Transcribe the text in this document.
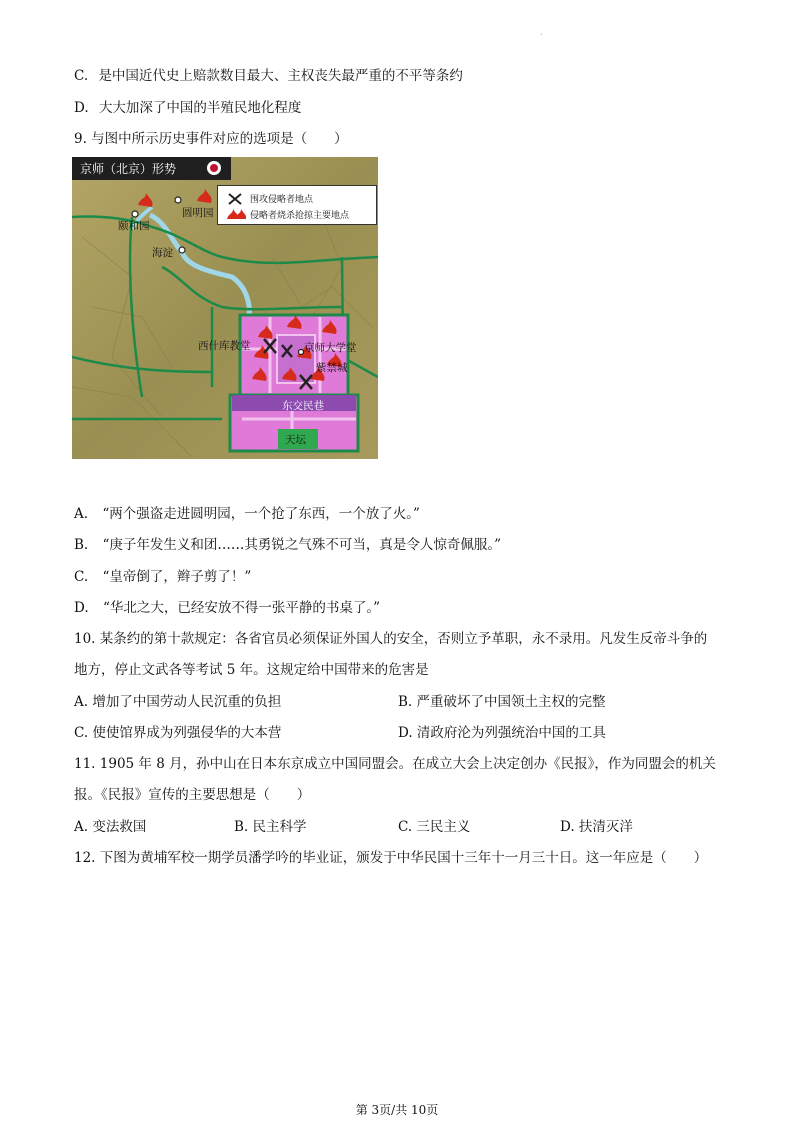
·
C. 是中国近代史上赔款数目最大、主权丧失最严重的不平等条约
D. 大大加深了中国的半殖民地化程度
9. 与图中所示历史事件对应的选项是（　　）
京师（北京）形势
围攻侵略者地点
侵略者烧杀抢掠主要地点
圆明园
颐和园
海淀
西什库教堂	京师大学堂
紫禁城
东交民巷
天坛
A. “两个强盗走进圆明园，一个抢了东西，一个放了火。”
B. “庚子年发生义和团……其勇锐之气殊不可当，真是令人惊奇佩服。”
C. “皇帝倒了，辫子剪了！”
D. “华北之大，已经安放不得一张平静的书桌了。”
10. 某条约的第十款规定：各省官员必须保证外国人的安全，否则立予革职，永不录用。凡发生反帝斗争的
地方，停止文武各等考试 5 年。这规定给中国带来的危害是
A. 增加了中国劳动人民沉重的负担	B. 严重破坏了中国领土主权的完整
C. 使使馆界成为列强侵华的大本营	D. 清政府沦为列强统治中国的工具
11. 1905 年 8 月，孙中山在日本东京成立中国同盟会。在成立大会上决定创办《民报》，作为同盟会的机关
报。《民报》宣传的主要思想是（　　）
A. 变法救国	B. 民主科学	C. 三民主义	D. 扶清灭洋
12. 下图为黄埔军校一期学员潘学吟的毕业证，颁发于中华民国十三年十一月三十日。这一年应是（　　）
第 3页/共 10页
